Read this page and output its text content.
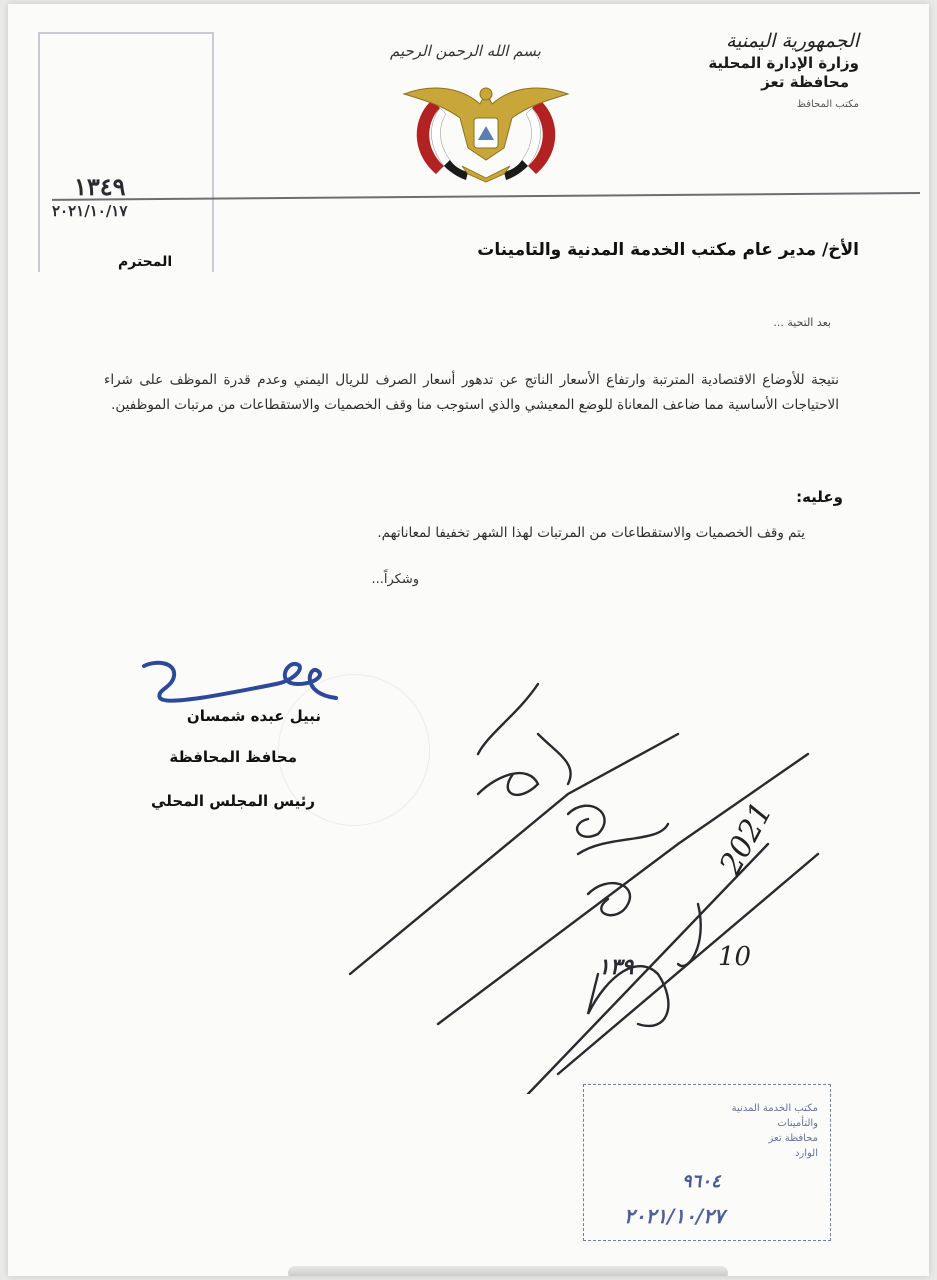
١٣٤٩
٢٠٢١/١٠/١٧
بسم الله الرحمن الرحيم	الجمهورية اليمنية
وزارة الإدارة المحلية
محافظة تعز
مكتب المحافظ
الأخ/ مدير عام مكتب الخدمة المدنية والتامينات
المحترم
بعد التحية ...
نتيجة للأوضاع الاقتصادية المترتبة وارتفاع الأسعار الناتج عن تدهور أسعار الصرف للريال اليمني وعدم قدرة الموظف على شراء الاحتياجات الأساسية مما ضاعف المعاناة للوضع المعيشي والذي استوجب منا وقف الخصميات والاستقطاعات من مرتبات الموظفين.
وعليه:
يتم وقف الخصميات والاستقطاعات من المرتبات لهذا الشهر تخفيفا لمعاناتهم.
وشكراً...
نبيل عبده شمسان
محافظ المحافظة
رئيس المجلس المحلي	2021
10
١٣٩
مكتب الخدمة المدنية
والتأمينات
محافظة تعز
الوارد
٩٦٠٤
٢٠٢١/١٠/٢٧
